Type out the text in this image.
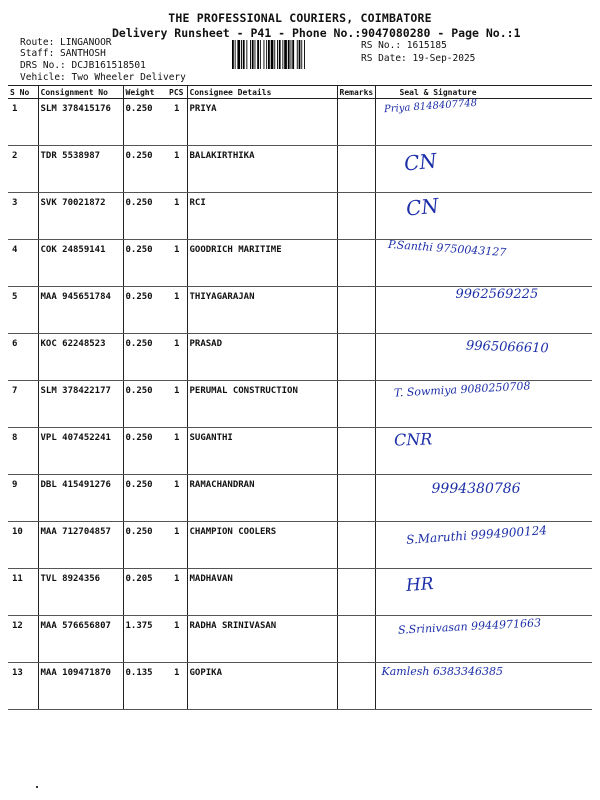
THE PROFESSIONAL COURIERS, COIMBATORE
Delivery Runsheet - P41 - Phone No.:9047080280 - Page No.:1
Route: LINGANOOR
Staff: SANTHOSH
DRS No.: DCJB161518501
Vehicle: Two Wheeler Delivery
RS No.: 1615185
RS Date: 19-Sep-2025
S No	Consignment No	Weight	PCS	Consignee Details	Remarks	Seal & Signature
1	SLM 378415176	0.250	1	PRIYA		Priya 8148407748

2	TDR 5538987	0.250	1	BALAKIRTHIKA		CN

3	SVK 70021872	0.250	1	RCI		CN

4	COK 24859141	0.250	1	GOODRICH MARITIME		P.Santhi 9750043127

5	MAA 945651784	0.250	1	THIYAGARAJAN		9962569225

6	KOC 62248523	0.250	1	PRASAD		9965066610

7	SLM 378422177	0.250	1	PERUMAL CONSTRUCTION		T. Sowmiya 9080250708

8	VPL 407452241	0.250	1	SUGANTHI		CNR

9	DBL 415491276	0.250	1	RAMACHANDRAN		9994380786

10	MAA 712704857	0.250	1	CHAMPION COOLERS		S.Maruthi 9994900124

11	TVL 8924356	0.205	1	MADHAVAN		HR

12	MAA 576656807	1.375	1	RADHA SRINIVASAN		S.Srinivasan 9944971663

13	MAA 109471870	0.135	1	GOPIKA		Kamlesh 6383346385
